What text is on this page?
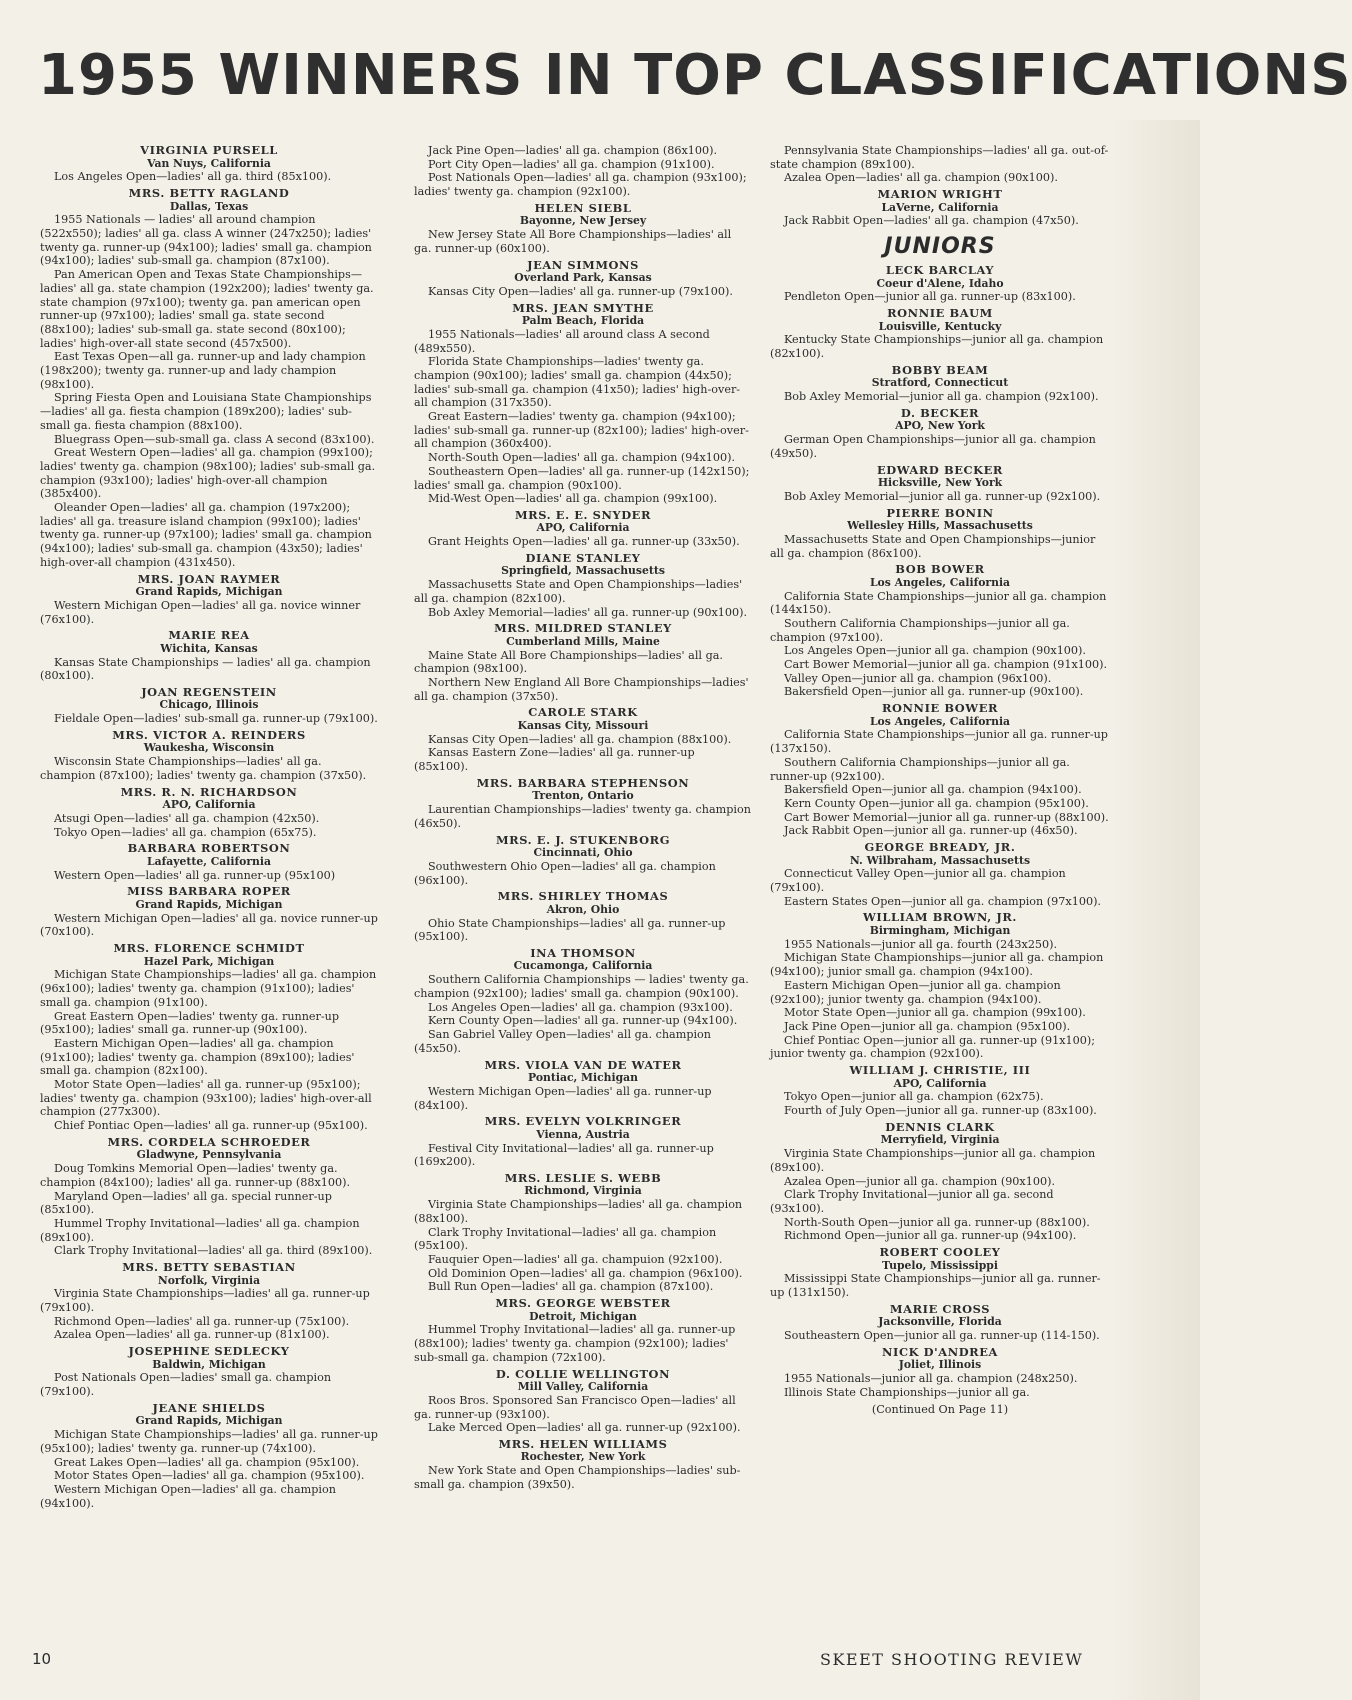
1955 WINNERS IN TOP CLASSIFICATIONS
VIRGINIA PURSELL
Van Nuys, California

Los Angeles Open—ladies' all ga. third (85x100).

MRS. BETTY RAGLAND
Dallas, Texas

1955 Nationals — ladies' all around champion (522x550); ladies' all ga. class A winner (247x250); ladies' twenty ga. runner-up (94x100); ladies' small ga. champion (94x100); ladies' sub-small ga. champion (87x100).

Pan American Open and Texas State Championships—ladies' all ga. state champion (192x200); ladies' twenty ga. state champion (97x100); twenty ga. pan american open runner-up (97x100); ladies' small ga. state second (88x100); ladies' sub-small ga. state second (80x100); ladies' high-over-all state second (457x500).

East Texas Open—all ga. runner-up and lady champion (198x200); twenty ga. runner-up and lady champion (98x100).

Spring Fiesta Open and Louisiana State Championships—ladies' all ga. fiesta champion (189x200); ladies' sub-small ga. fiesta champion (88x100).

Bluegrass Open—sub-small ga. class A second (83x100).

Great Western Open—ladies' all ga. champion (99x100); ladies' twenty ga. champion (98x100); ladies' sub-small ga. champion (93x100); ladies' high-over-all champion (385x400).

Oleander Open—ladies' all ga. champion (197x200); ladies' all ga. treasure island champion (99x100); ladies' twenty ga. runner-up (97x100); ladies' small ga. champion (94x100); ladies' sub-small ga. champion (43x50); ladies' high-over-all champion (431x450).

MRS. JOAN RAYMER
Grand Rapids, Michigan

Western Michigan Open—ladies' all ga. novice winner (76x100).

MARIE REA
Wichita, Kansas

Kansas State Championships — ladies' all ga. champion (80x100).

JOAN REGENSTEIN
Chicago, Illinois

Fieldale Open—ladies' sub-small ga. runner-up (79x100).

MRS. VICTOR A. REINDERS
Waukesha, Wisconsin

Wisconsin State Championships—ladies' all ga. champion (87x100); ladies' twenty ga. champion (37x50).

MRS. R. N. RICHARDSON
APO, California

Atsugi Open—ladies' all ga. champion (42x50).

Tokyo Open—ladies' all ga. champion (65x75).

BARBARA ROBERTSON
Lafayette, California

Western Open—ladies' all ga. runner-up (95x100)

MISS BARBARA ROPER
Grand Rapids, Michigan

Western Michigan Open—ladies' all ga. novice runner-up (70x100).

MRS. FLORENCE SCHMIDT
Hazel Park, Michigan

Michigan State Championships—ladies' all ga. champion (96x100); ladies' twenty ga. champion (91x100); ladies' small ga. champion (91x100).

Great Eastern Open—ladies' twenty ga. runner-up (95x100); ladies' small ga. runner-up (90x100).

Eastern Michigan Open—ladies' all ga. champion (91x100); ladies' twenty ga. champion (89x100); ladies' small ga. champion (82x100).

Motor State Open—ladies' all ga. runner-up (95x100); ladies' twenty ga. champion (93x100); ladies' high-over-all champion (277x300).

Chief Pontiac Open—ladies' all ga. runner-up (95x100).

MRS. CORDELA SCHROEDER
Gladwyne, Pennsylvania

Doug Tomkins Memorial Open—ladies' twenty ga. champion (84x100); ladies' all ga. runner-up (88x100).

Maryland Open—ladies' all ga. special runner-up (85x100).

Hummel Trophy Invitational—ladies' all ga. champion (89x100).

Clark Trophy Invitational—ladies' all ga. third (89x100).

MRS. BETTY SEBASTIAN
Norfolk, Virginia

Virginia State Championships—ladies' all ga. runner-up (79x100).

Richmond Open—ladies' all ga. runner-up (75x100).

Azalea Open—ladies' all ga. runner-up (81x100).

JOSEPHINE SEDLECKY
Baldwin, Michigan

Post Nationals Open—ladies' small ga. champion (79x100).

JEANE SHIELDS
Grand Rapids, Michigan

Michigan State Championships—ladies' all ga. runner-up (95x100); ladies' twenty ga. runner-up (74x100).

Great Lakes Open—ladies' all ga. champion (95x100).

Motor States Open—ladies' all ga. champion (95x100).

Western Michigan Open—ladies' all ga. champion (94x100).

Jack Pine Open—ladies' all ga. champion (86x100).

Port City Open—ladies' all ga. champion (91x100).

Post Nationals Open—ladies' all ga. champion (93x100); ladies' twenty ga. champion (92x100).

HELEN SIEBL
Bayonne, New Jersey

New Jersey State All Bore Championships—ladies' all ga. runner-up (60x100).

JEAN SIMMONS
Overland Park, Kansas

Kansas City Open—ladies' all ga. runner-up (79x100).

MRS. JEAN SMYTHE
Palm Beach, Florida

1955 Nationals—ladies' all around class A second (489x550).

Florida State Championships—ladies' twenty ga. champion (90x100); ladies' small ga. champion (44x50); ladies' sub-small ga. champion (41x50); ladies' high-over-all champion (317x350).

Great Eastern—ladies' twenty ga. champion (94x100); ladies' sub-small ga. runner-up (82x100); ladies' high-over-all champion (360x400).

North-South Open—ladies' all ga. champion (94x100).

Southeastern Open—ladies' all ga. runner-up (142x150); ladies' small ga. champion (90x100).

Mid-West Open—ladies' all ga. champion (99x100).

MRS. E. E. SNYDER
APO, California

Grant Heights Open—ladies' all ga. runner-up (33x50).

DIANE STANLEY
Springfield, Massachusetts

Massachusetts State and Open Championships—ladies' all ga. champion (82x100).

Bob Axley Memorial—ladies' all ga. runner-up (90x100).

MRS. MILDRED STANLEY
Cumberland Mills, Maine

Maine State All Bore Championships—ladies' all ga. champion (98x100).

Northern New England All Bore Championships—ladies' all ga. champion (37x50).

CAROLE STARK
Kansas City, Missouri

Kansas City Open—ladies' all ga. champion (88x100).

Kansas Eastern Zone—ladies' all ga. runner-up (85x100).

MRS. BARBARA STEPHENSON
Trenton, Ontario

Laurentian Championships—ladies' twenty ga. champion (46x50).

MRS. E. J. STUKENBORG
Cincinnati, Ohio

Southwestern Ohio Open—ladies' all ga. champion (96x100).

MRS. SHIRLEY THOMAS
Akron, Ohio

Ohio State Championships—ladies' all ga. runner-up (95x100).

INA THOMSON
Cucamonga, California

Southern California Championships — ladies' twenty ga. champion (92x100); ladies' small ga. champion (90x100).

Los Angeles Open—ladies' all ga. champion (93x100).

Kern County Open—ladies' all ga. runner-up (94x100).

San Gabriel Valley Open—ladies' all ga. champion (45x50).

MRS. VIOLA VAN DE WATER
Pontiac, Michigan

Western Michigan Open—ladies' all ga. runner-up (84x100).

MRS. EVELYN VOLKRINGER
Vienna, Austria

Festival City Invitational—ladies' all ga. runner-up (169x200).

MRS. LESLIE S. WEBB
Richmond, Virginia

Virginia State Championships—ladies' all ga. champion (88x100).

Clark Trophy Invitational—ladies' all ga. champion (95x100).

Fauquier Open—ladies' all ga. champuion (92x100).

Old Dominion Open—ladies' all ga. champion (96x100).

Bull Run Open—ladies' all ga. champion (87x100).

MRS. GEORGE WEBSTER
Detroit, Michigan

Hummel Trophy Invitational—ladies' all ga. runner-up (88x100); ladies' twenty ga. champion (92x100); ladies' sub-small ga. champion (72x100).

D. COLLIE WELLINGTON
Mill Valley, California

Roos Bros. Sponsored San Francisco Open—ladies' all ga. runner-up (93x100).

Lake Merced Open—ladies' all ga. runner-up (92x100).

MRS. HELEN WILLIAMS
Rochester, New York

New York State and Open Championships—ladies' sub-small ga. champion (39x50).

Pennsylvania State Championships—ladies' all ga. out-of-state champion (89x100).

Azalea Open—ladies' all ga. champion (90x100).

MARION WRIGHT
LaVerne, California

Jack Rabbit Open—ladies' all ga. champion (47x50).

JUNIORS
LECK BARCLAY
Coeur d'Alene, Idaho

Pendleton Open—junior all ga. runner-up (83x100).

RONNIE BAUM
Louisville, Kentucky

Kentucky State Championships—junior all ga. champion (82x100).

BOBBY BEAM
Stratford, Connecticut

Bob Axley Memorial—junior all ga. champion (92x100).

D. BECKER
APO, New York

German Open Championships—junior all ga. champion (49x50).

EDWARD BECKER
Hicksville, New York

Bob Axley Memorial—junior all ga. runner-up (92x100).

PIERRE BONIN
Wellesley Hills, Massachusetts

Massachusetts State and Open Championships—junior all ga. champion (86x100).

BOB BOWER
Los Angeles, California

California State Championships—junior all ga. champion (144x150).

Southern California Championships—junior all ga. champion (97x100).

Los Angeles Open—junior all ga. champion (90x100).

Cart Bower Memorial—junior all ga. champion (91x100).

Valley Open—junior all ga. champion (96x100).

Bakersfield Open—junior all ga. runner-up (90x100).

RONNIE BOWER
Los Angeles, California

California State Championships—junior all ga. runner-up (137x150).

Southern California Championships—junior all ga. runner-up (92x100).

Bakersfield Open—junior all ga. champion (94x100).

Kern County Open—junior all ga. champion (95x100).

Cart Bower Memorial—junior all ga. runner-up (88x100).

Jack Rabbit Open—junior all ga. runner-up (46x50).

GEORGE BREADY, JR.
N. Wilbraham, Massachusetts

Connecticut Valley Open—junior all ga. champion (79x100).

Eastern States Open—junior all ga. champion (97x100).

WILLIAM BROWN, JR.
Birmingham, Michigan

1955 Nationals—junior all ga. fourth (243x250).

Michigan State Championships—junior all ga. champion (94x100); junior small ga. champion (94x100).

Eastern Michigan Open—junior all ga. champion (92x100); junior twenty ga. champion (94x100).

Motor State Open—junior all ga. champion (99x100).

Jack Pine Open—junior all ga. champion (95x100).

Chief Pontiac Open—junior all ga. runner-up (91x100); junior twenty ga. champion (92x100).

WILLIAM J. CHRISTIE, III
APO, California

Tokyo Open—junior all ga. champion (62x75).

Fourth of July Open—junior all ga. runner-up (83x100).

DENNIS CLARK
Merryfield, Virginia

Virginia State Championships—junior all ga. champion (89x100).

Azalea Open—junior all ga. champion (90x100).

Clark Trophy Invitational—junior all ga. second (93x100).

North-South Open—junior all ga. runner-up (88x100).

Richmond Open—junior all ga. runner-up (94x100).

ROBERT COOLEY
Tupelo, Mississippi

Mississippi State Championships—junior all ga. runner-up (131x150).

MARIE CROSS
Jacksonville, Florida

Southeastern Open—junior all ga. runner-up (114-150).

NICK D'ANDREA
Joliet, Illinois

1955 Nationals—junior all ga. champion (248x250).

Illinois State Championships—junior all ga.

(Continued On Page 11)
10	SKEET SHOOTING REVIEW
